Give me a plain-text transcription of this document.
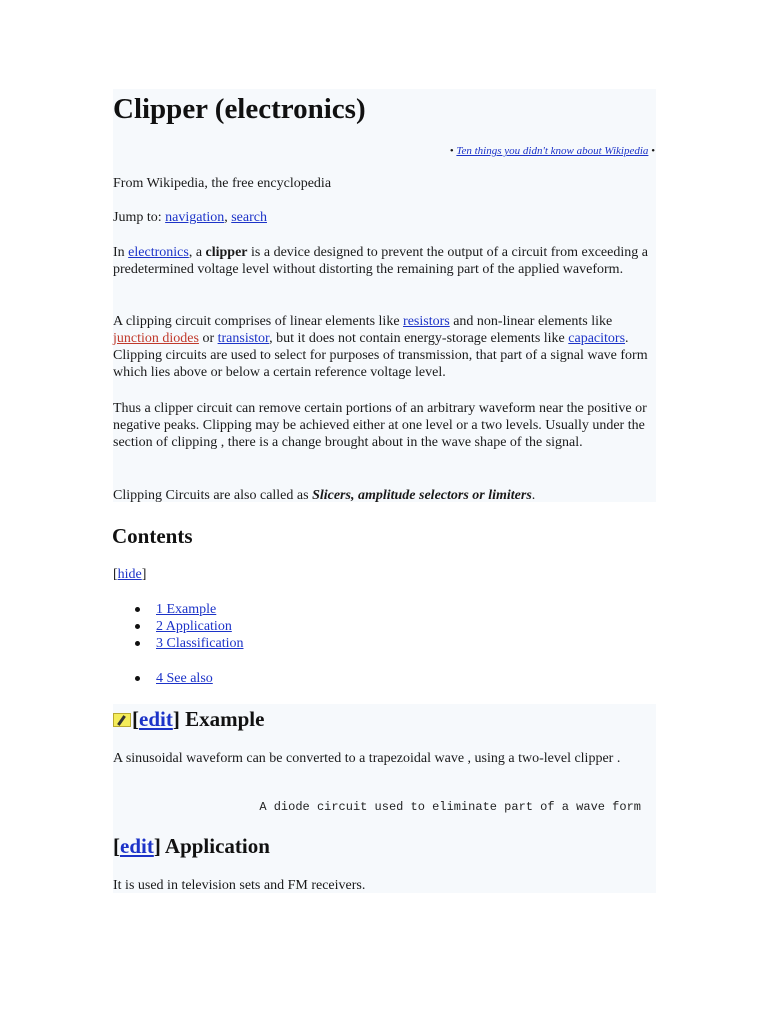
Clipper (electronics)
• Ten things you didn't know about Wikipedia •

From Wikipedia, the free encyclopedia

Jump to: navigation, search

In electronics, a clipper is a device designed to prevent the output of a circuit from exceeding a predetermined voltage level without distorting the remaining part of the applied waveform.

A clipping circuit comprises of linear elements like resistors and non-linear elements like junction diodes or transistor, but it does not contain energy-storage elements like capacitors. Clipping circuits are used to select for purposes of transmission, that part of a signal wave form which lies above or below a certain reference voltage level.

Thus a clipper circuit can remove certain portions of an arbitrary waveform near the positive or negative peaks. Clipping may be achieved either at one level or a two levels. Usually under the section of clipping , there is a change brought about in the wave shape of the signal.

Clipping Circuits are also called as Slicers, amplitude selectors or limiters.

Contents

[hide]

1 Example
2 Application
3 Classification
4 See also
[edit] Example

A sinusoidal waveform can be converted to a trapezoidal wave , using a two-level clipper .

A diode circuit used to eliminate part of a wave form
[edit] Application

It is used in television sets and FM receivers.
